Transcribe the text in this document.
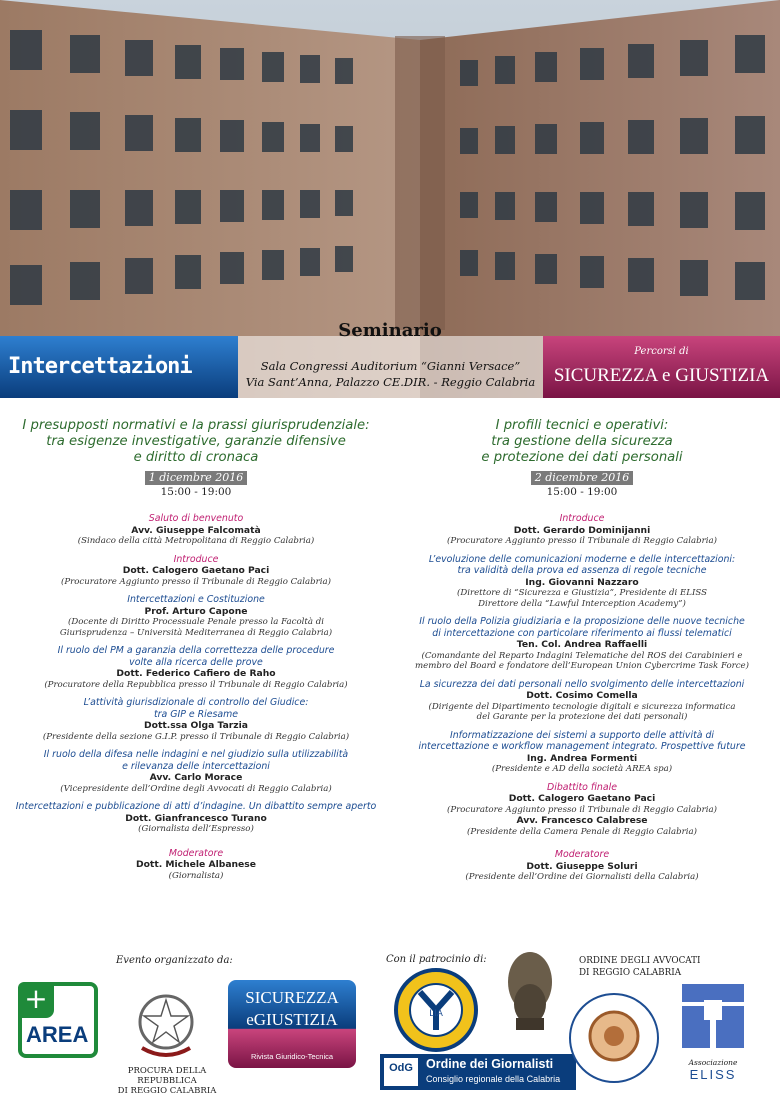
Seminario
Intercettazioni	Sala Congressi Auditorium “Gianni Versace”
Via Sant’Anna, Palazzo CE.DIR. - Reggio Calabria
Percorsi di
SICUREZZA e GIUSTIZIA
I presupposti normativi e la prassi giurisprudenziale:
tra esigenze investigative, garanzie difensive
e diritto di cronaca
1 dicembre 2016
15:00 - 19:00
Saluto di benvenuto
Avv. Giuseppe Falcomatà
(Sindaco della città Metropolitana di Reggio Calabria)
Introduce
Dott. Calogero Gaetano Paci
(Procuratore Aggiunto presso il Tribunale di Reggio Calabria)
Intercettazioni e Costituzione
Prof. Arturo Capone
(Docente di Diritto Processuale Penale presso la Facoltà di
Giurisprudenza – Università Mediterranea di Reggio Calabria)
Il ruolo del PM a garanzia della correttezza delle procedure
volte alla ricerca delle prove
Dott. Federico Cafiero de Raho
(Procuratore della Repubblica presso il Tribunale di Reggio Calabria)
L’attività giurisdizionale di controllo del Giudice:
tra GIP e Riesame
Dott.ssa Olga Tarzia
(Presidente della sezione G.I.P. presso il Tribunale di Reggio Calabria)
Il ruolo della difesa nelle indagini e nel giudizio sulla utilizzabilità
e rilevanza delle intercettazioni
Avv. Carlo Morace
(Vicepresidente dell’Ordine degli Avvocati di Reggio Calabria)
Intercettazioni e pubblicazione di atti d’indagine. Un dibattito sempre aperto
Dott. Gianfrancesco Turano
(Giornalista dell’Espresso)
Moderatore
Dott. Michele Albanese
(Giornalista)
I profili tecnici e operativi:
tra gestione della sicurezza
e protezione dei dati personali
2 dicembre 2016
15:00 - 19:00
Introduce
Dott. Gerardo Dominijanni
(Procuratore Aggiunto presso il Tribunale di Reggio Calabria)
L’evoluzione delle comunicazioni moderne e delle intercettazioni:
tra validità della prova ed assenza di regole tecniche
Ing. Giovanni Nazzaro
(Direttore di “Sicurezza e Giustizia”, Presidente di ELISS
Direttore della “Lawful Interception Academy”)
Il ruolo della Polizia giudiziaria e la proposizione delle nuove tecniche
di intercettazione con particolare riferimento ai flussi telematici
Ten. Col. Andrea Raffaelli
(Comandante del Reparto Indagini Telematiche del ROS dei Carabinieri e
membro del Board e fondatore dell’European Union Cybercrime Task Force)
La sicurezza dei dati personali nello svolgimento delle intercettazioni
Dott. Cosimo Comella
(Dirigente del Dipartimento tecnologie digitali e sicurezza informatica
del Garante per la protezione dei dati personali)
Informatizzazione dei sistemi a supporto delle attività di
intercettazione e workflow management integrato. Prospettive future
Ing. Andrea Formenti
(Presidente e AD della società AREA spa)
Dibattito finale
Dott. Calogero Gaetano Paci
(Procuratore Aggiunto presso il Tribunale di Reggio Calabria)
Avv. Francesco Calabrese
(Presidente della Camera Penale di Reggio Calabria)
Moderatore
Dott. Giuseppe Soluri
(Presidente dell’Ordine dei Giornalisti della Calabria)
Evento organizzato da:
+
AREA
PROCURA DELLA REPUBBLICA
DI REGGIO CALABRIA
SICUREZZA
eGIUSTIZIA
Rivista Giuridico-Tecnica
Con il patrocinio di:
LIA
OdG	Ordine dei Giornalisti
Consiglio regionale della Calabria
ORDINE DEGLI AVVOCATI
DI REGGIO CALABRIA
Associazione
ELISS
